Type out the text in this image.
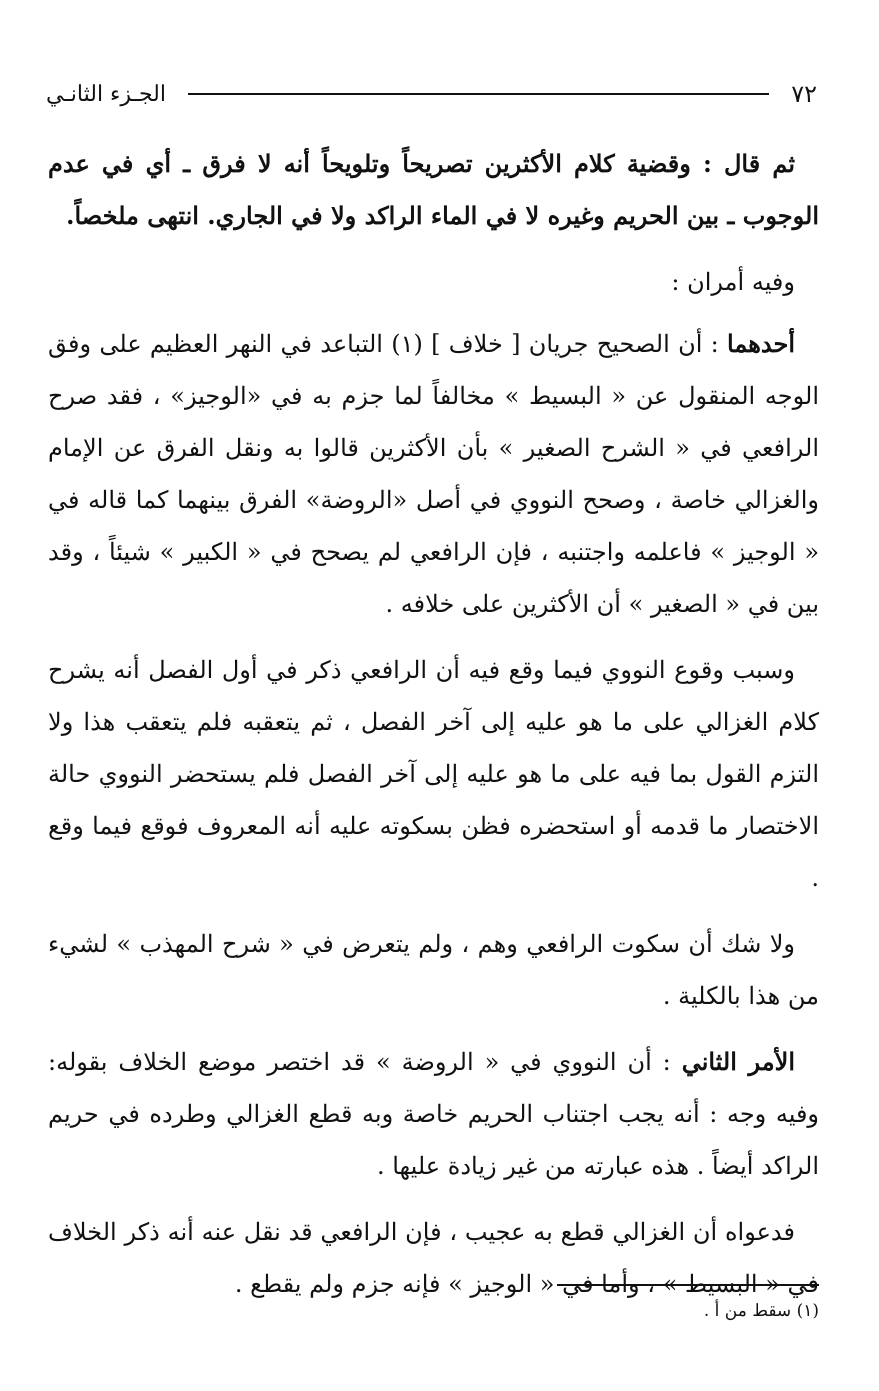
٧٢
الجـزء الثانـي

ثم قال : وقضية كلام الأكثرين تصريحاً وتلويحاً أنه لا فرق ـ أي في عدم الوجوب ـ بين الحريم وغيره لا في الماء الراكد ولا في الجاري. انتهى ملخصاً.

وفيه أمران :

أحدهما : أن الصحيح جريان [ خلاف ] (١) التباعد في النهر العظيم على وفق الوجه المنقول عن « البسيط » مخالفاً لما جزم به في «الوجيز» ، فقد صرح الرافعي في « الشرح الصغير » بأن الأكثرين قالوا به ونقل الفرق عن الإمام والغزالي خاصة ، وصحح النووي في أصل «الروضة» الفرق بينهما كما قاله في « الوجيز » فاعلمه واجتنبه ، فإن الرافعي لم يصحح في « الكبير » شيئاً ، وقد بين في « الصغير » أن الأكثرين على خلافه .

وسبب وقوع النووي فيما وقع فيه أن الرافعي ذكر في أول الفصل أنه يشرح كلام الغزالي على ما هو عليه إلى آخر الفصل ، ثم يتعقبه فلم يتعقب هذا ولا التزم القول بما فيه على ما هو عليه إلى آخر الفصل فلم يستحضر النووي حالة الاختصار ما قدمه أو استحضره فظن بسكوته عليه أنه المعروف فوقع فيما وقع .

ولا شك أن سكوت الرافعي وهم ، ولم يتعرض في « شرح المهذب » لشيء من هذا بالكلية .

الأمر الثاني : أن النووي في « الروضة » قد اختصر موضع الخلاف بقوله: وفيه وجه : أنه يجب اجتناب الحريم خاصة وبه قطع الغزالي وطرده في حريم الراكد أيضاً . هذه عبارته من غير زيادة عليها .

فدعواه أن الغزالي قطع به عجيب ، فإن الرافعي قد نقل عنه أنه ذكر الخلاف في « البسيط » ، وأما في « الوجيز » فإنه جزم ولم يقطع .

(١) سقط من أ .
